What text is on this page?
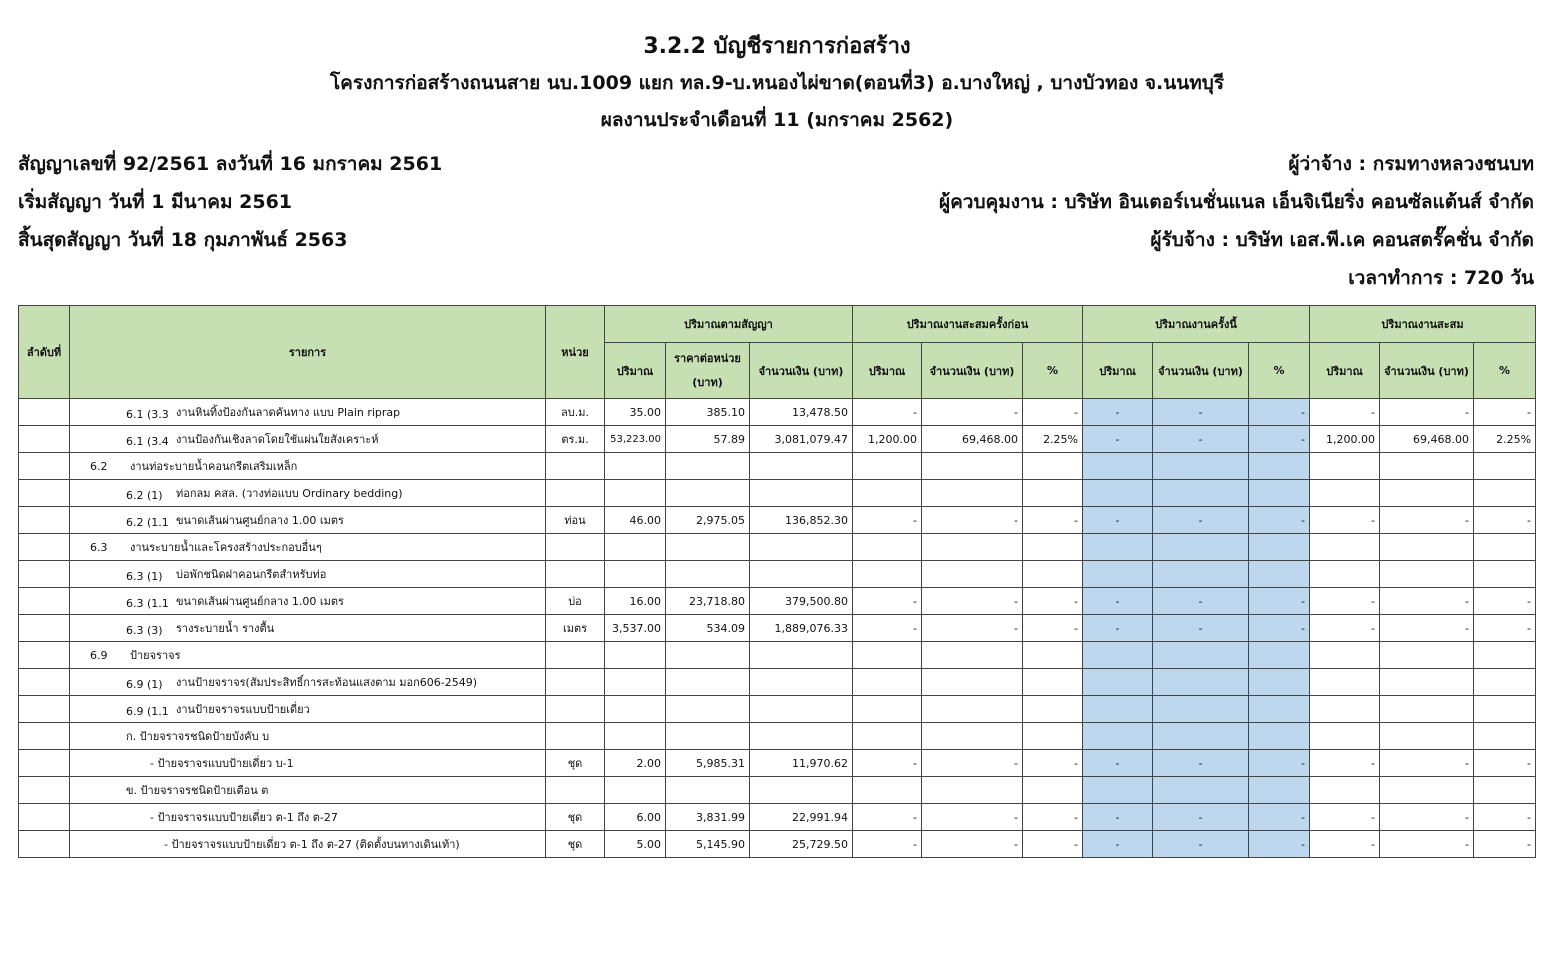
3.2.2 บัญชีรายการก่อสร้าง
โครงการก่อสร้างถนนสาย นบ.1009 แยก ทล.9-บ.หนองไผ่ขาด(ตอนที่3) อ.บางใหญ่ , บางบัวทอง จ.นนทบุรี
ผลงานประจำเดือนที่ 11 (มกราคม 2562)
สัญญาเลขที่ 92/2561 ลงวันที่ 16 มกราคม 2561
เริ่มสัญญา วันที่ 1 มีนาคม 2561
สิ้นสุดสัญญา วันที่ 18 กุมภาพันธ์ 2563
ผู้ว่าจ้าง : กรมทางหลวงชนบท
ผู้ควบคุมงาน : บริษัท อินเตอร์เนชั่นแนล เอ็นจิเนียริ่ง คอนซัลแต้นส์ จำกัด
ผู้รับจ้าง : บริษัท เอส.พี.เค คอนสตรั๊คชั่น จำกัด
เวลาทำการ : 720 วัน
ลำดับที่	รายการ	หน่วย	ปริมาณตามสัญญา			ปริมาณงานสะสมครั้งก่อน			ปริมาณงานครั้งนี้			ปริมาณงานสะสม		
			ปริมาณ	ราคาต่อหน่วย (บาท)	จำนวนเงิน (บาท)	ปริมาณ	จำนวนเงิน (บาท)	%	ปริมาณ	จำนวนเงิน (บาท)	%	ปริมาณ	จำนวนเงิน (บาท)	%
	6.1 (3.3 งานหินทิ้งป้องกันลาดคันทาง แบบ Plain riprap	ลบ.ม.	35.00	385.10	13,478.50	-	-	-	-	-	-	-	-	-
	6.1 (3.4 งานป้องกันเชิงลาดโดยใช้แผ่นใยสังเคราะห์	ตร.ม.	53,223.00	57.89	3,081,079.47	1,200.00	69,468.00	2.25%	-	-	-	1,200.00	69,468.00	2.25%
	6.2 งานท่อระบายน้ำคอนกรีตเสริมเหล็ก													
	6.2 (1) ท่อกลม คสล. (วางท่อแบบ Ordinary bedding)													
	6.2 (1.1 ขนาดเส้นผ่านศูนย์กลาง 1.00 เมตร	ท่อน	46.00	2,975.05	136,852.30	-	-	-	-	-	-	-	-	-
	6.3 งานระบายน้ำและโครงสร้างประกอบอื่นๆ													
	6.3 (1) บ่อพักชนิดฝาคอนกรีตสำหรับท่อ													
	6.3 (1.1 ขนาดเส้นผ่านศูนย์กลาง 1.00 เมตร	บ่อ	16.00	23,718.80	379,500.80	-	-	-	-	-	-	-	-	-
	6.3 (3) รางระบายน้ำ รางตื้น	เมตร	3,537.00	534.09	1,889,076.33	-	-	-	-	-	-	-	-	-
	6.9 ป้ายจราจร													
	6.9 (1) งานป้ายจราจร(สัมประสิทธิ์การสะท้อนแสงตาม มอก606-2549)													
	6.9 (1.1 งานป้ายจราจรแบบป้ายเดี่ยว													
	ก. ป้ายจราจรชนิดป้ายบังคับ บ													
	- ป้ายจราจรแบบป้ายเดี่ยว บ-1	ชุด	2.00	5,985.31	11,970.62	-	-	-	-	-	-	-	-	-
	ข. ป้ายจราจรชนิดป้ายเตือน ต													
	- ป้ายจราจรแบบป้ายเดี่ยว ต-1 ถึง ต-27	ชุด	6.00	3,831.99	22,991.94	-	-	-	-	-	-	-	-	-
	- ป้ายจราจรแบบป้ายเดี่ยว ต-1 ถึง ต-27 (ติดตั้งบนทางเดินเท้า)	ชุด	5.00	5,145.90	25,729.50	-	-	-	-	-	-	-	-	-
